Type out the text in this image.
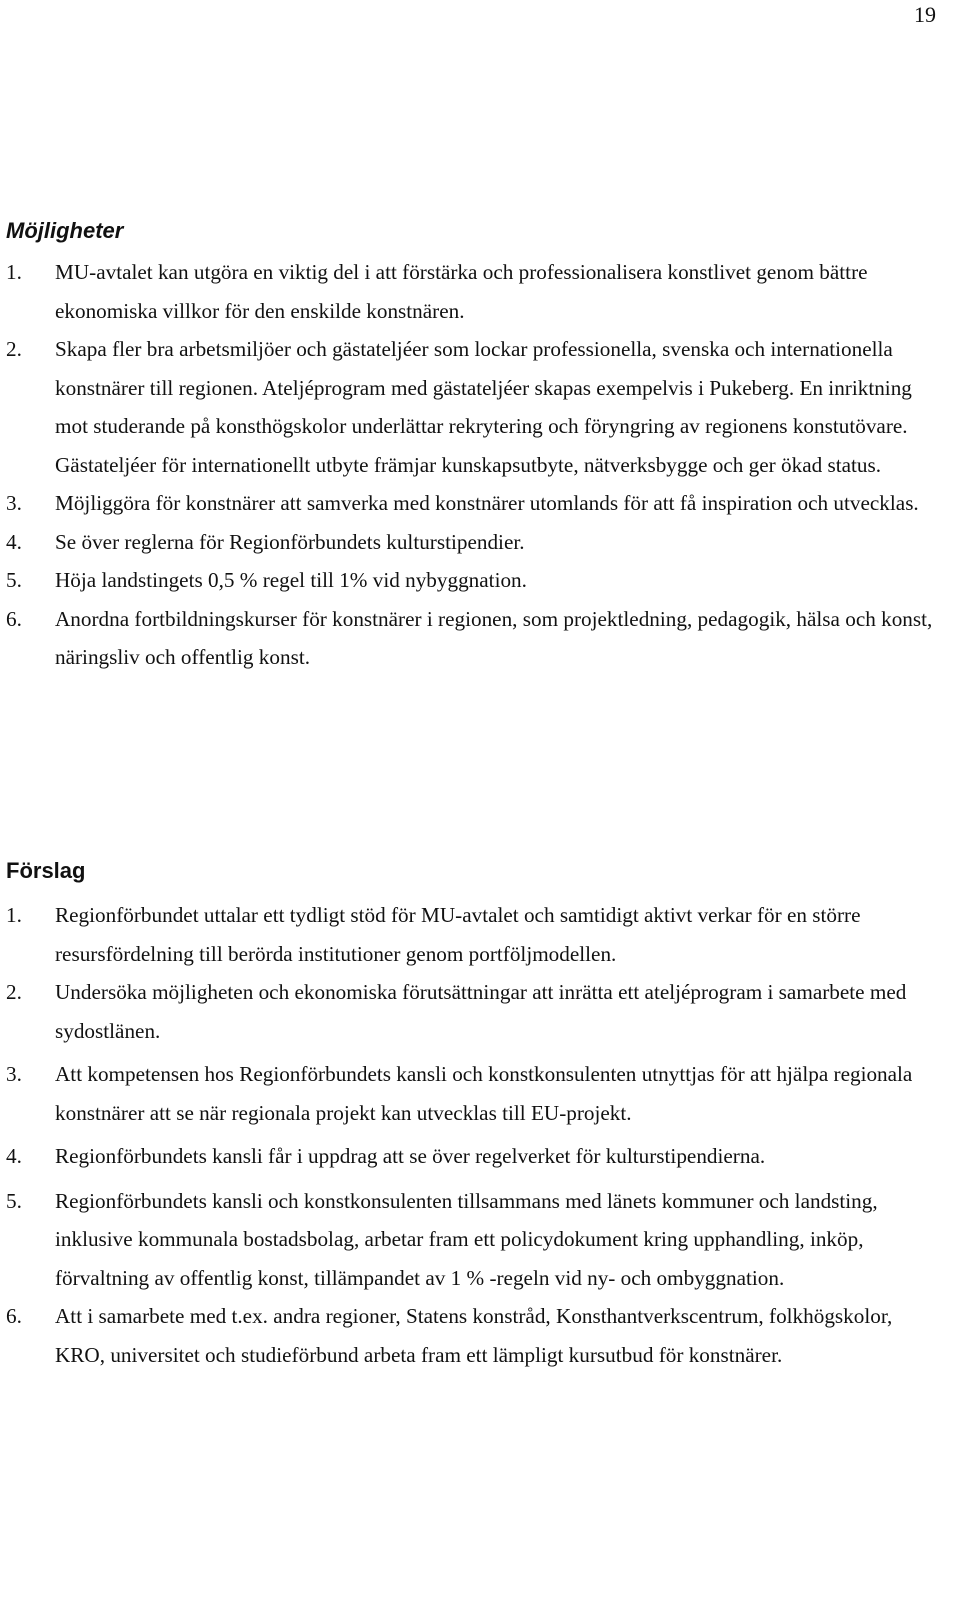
19
Möjligheter
1. MU-avtalet kan utgöra en viktig del i att förstärka och professionalisera konstlivet genom bättre ekonomiska villkor för den enskilde konstnären.
2. Skapa fler bra arbetsmiljöer och gästateljéer som lockar professionella, svenska och internationella konstnärer till regionen. Ateljéprogram med gästateljéer skapas exempelvis i Pukeberg. En inriktning mot studerande på konsthögskolor underlättar rekrytering och föryngring av regionens konstutövare. Gästateljéer för internationellt utbyte främjar kunskapsutbyte, nätverksbygge och ger ökad status.
3. Möjliggöra för konstnärer att samverka med konstnärer utomlands för att få inspiration och utvecklas.
4. Se över reglerna för Regionförbundets kulturstipendier.
5. Höja landstingets 0,5 % regel till 1% vid nybyggnation.
6. Anordna fortbildningskurser för konstnärer i regionen, som projektledning, pedagogik, hälsa och konst, näringsliv och offentlig konst.
Förslag
1. Regionförbundet uttalar ett tydligt stöd för MU-avtalet och samtidigt aktivt verkar för en större resursfördelning till berörda institutioner genom portföljmodellen.
2. Undersöka möjligheten och ekonomiska förutsättningar att inrätta ett ateljéprogram i samarbete med sydostlänen.
3. Att kompetensen hos Regionförbundets kansli och konstkonsulenten utnyttjas för att hjälpa regionala konstnärer att se när regionala projekt kan utvecklas till EU-projekt.
4. Regionförbundets kansli får i uppdrag att se över regelverket för kulturstipendierna.
5. Regionförbundets kansli och konstkonsulenten tillsammans med länets kommuner och landsting, inklusive kommunala bostadsbolag, arbetar fram ett policydokument kring upphandling, inköp, förvaltning av offentlig konst, tillämpandet av 1 % -regeln vid ny- och ombyggnation.
6. Att i samarbete med t.ex. andra regioner, Statens konstråd, Konsthantverkscentrum, folkhögskolor, KRO, universitet och studieförbund arbeta fram ett lämpligt kursutbud för konstnärer.
